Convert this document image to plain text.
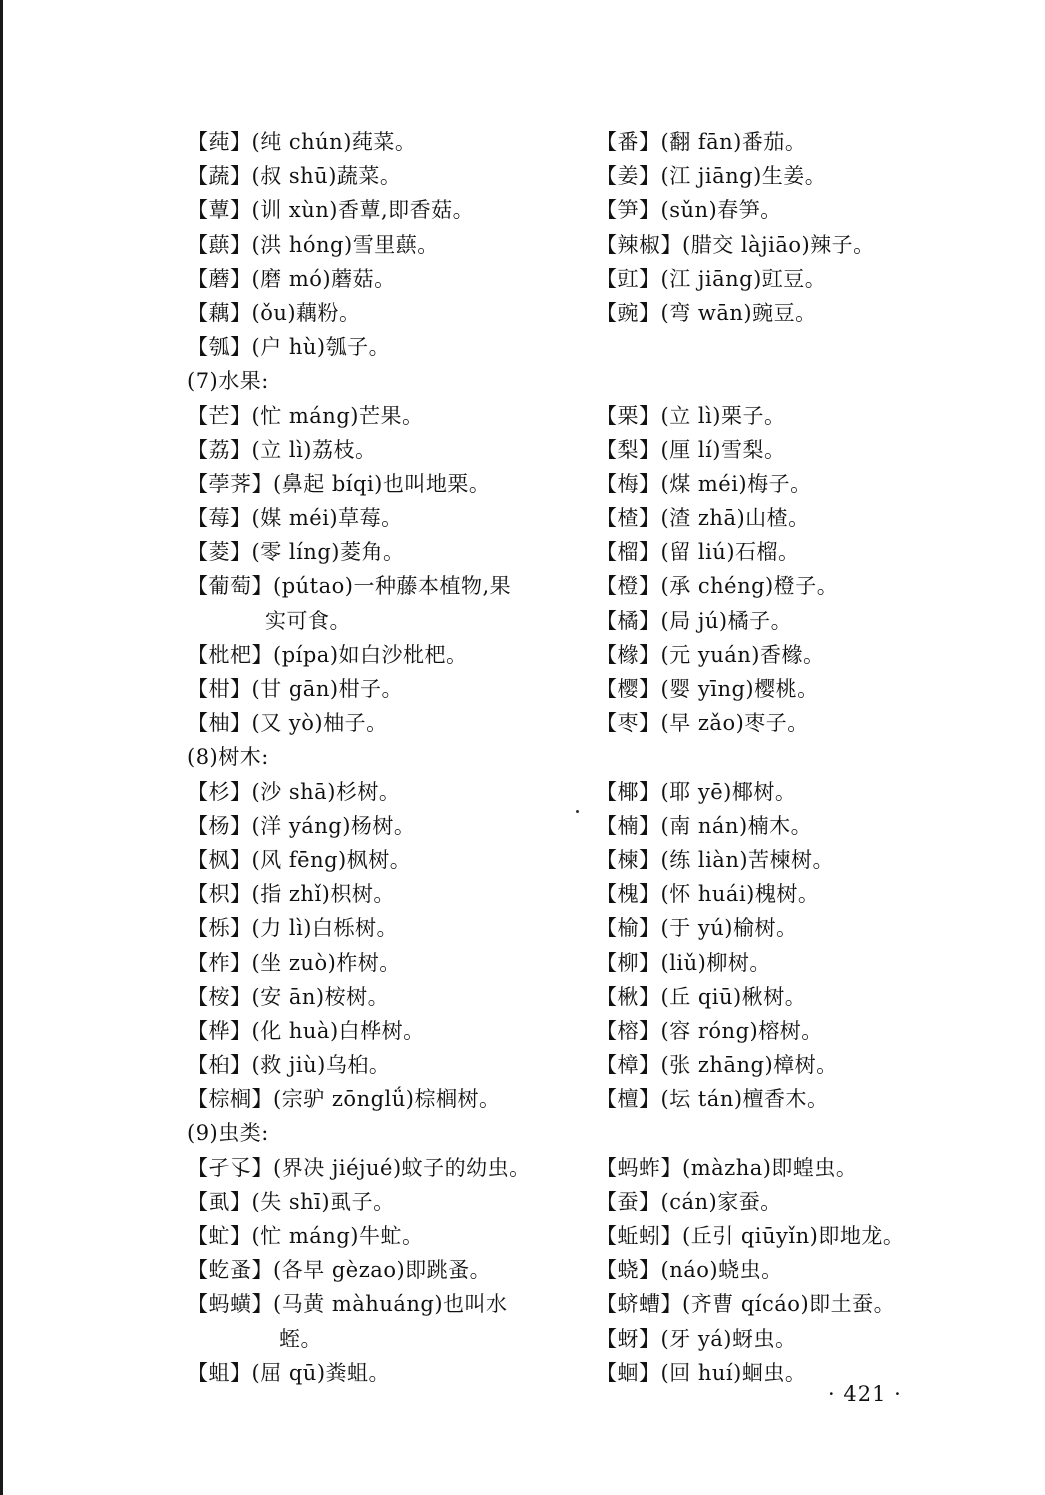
【莼】(纯 chún)莼菜。
【蔬】(叔 shū)蔬菜。
【蕈】(训 xùn)香蕈,即香菇。
【蕻】(洪 hóng)雪里蕻。
【蘑】(磨 mó)蘑菇。
【藕】(ǒu)藕粉。
【瓠】(户 hù)瓠子。
(7)水果:
【芒】(忙 máng)芒果。
【荔】(立 lì)荔枝。
【荸荠】(鼻起 bíqi)也叫地栗。
【莓】(媒 méi)草莓。
【菱】(零 líng)菱角。
【葡萄】(pútao)一种藤本植物,果
实可食。
【枇杷】(pípa)如白沙枇杷。
【柑】(甘 gān)柑子。
【柚】(又 yò)柚子。
(8)树木:
【杉】(沙 shā)杉树。
【杨】(洋 yáng)杨树。
【枫】(风 fēng)枫树。
【枳】(指 zhǐ)枳树。
【栎】(力 lì)白栎树。
【柞】(坐 zuò)柞树。
【桉】(安 ān)桉树。
【桦】(化 huà)白桦树。
【桕】(救 jiù)乌桕。
【棕榈】(宗驴 zōnglǘ)棕榈树。
(9)虫类:
【孑孓】(界决 jiéjué)蚊子的幼虫。
【虱】(失 shī)虱子。
【虻】(忙 máng)牛虻。
【虼蚤】(各早 gèzao)即跳蚤。
【蚂蟥】(马黄 màhuáng)也叫水
蛭。
【蛆】(屈 qū)粪蛆。
【番】(翻 fān)番茄。
【姜】(江 jiāng)生姜。
【笋】(sǔn)春笋。
【辣椒】(腊交 làjiāo)辣子。
【豇】(江 jiāng)豇豆。
【豌】(弯 wān)豌豆。
【栗】(立 lì)栗子。
【梨】(厘 lí)雪梨。
【梅】(煤 méi)梅子。
【楂】(渣 zhā)山楂。
【榴】(留 liú)石榴。
【橙】(承 chéng)橙子。
【橘】(局 jú)橘子。
【橼】(元 yuán)香橼。
【樱】(婴 yīng)樱桃。
【枣】(早 zǎo)枣子。
【椰】(耶 yē)椰树。
【楠】(南 nán)楠木。
【楝】(练 liàn)苦楝树。
【槐】(怀 huái)槐树。
【榆】(于 yú)榆树。
【柳】(liǔ)柳树。
【楸】(丘 qiū)楸树。
【榕】(容 róng)榕树。
【樟】(张 zhāng)樟树。
【檀】(坛 tán)檀香木。
【蚂蚱】(màzha)即蝗虫。
【蚕】(cán)家蚕。
【蚯蚓】(丘引 qiūyǐn)即地龙。
【蛲】(náo)蛲虫。
【蛴螬】(齐曹 qícáo)即土蚕。
【蚜】(牙 yá)蚜虫。
【蛔】(回 huí)蛔虫。
· 421 ·
